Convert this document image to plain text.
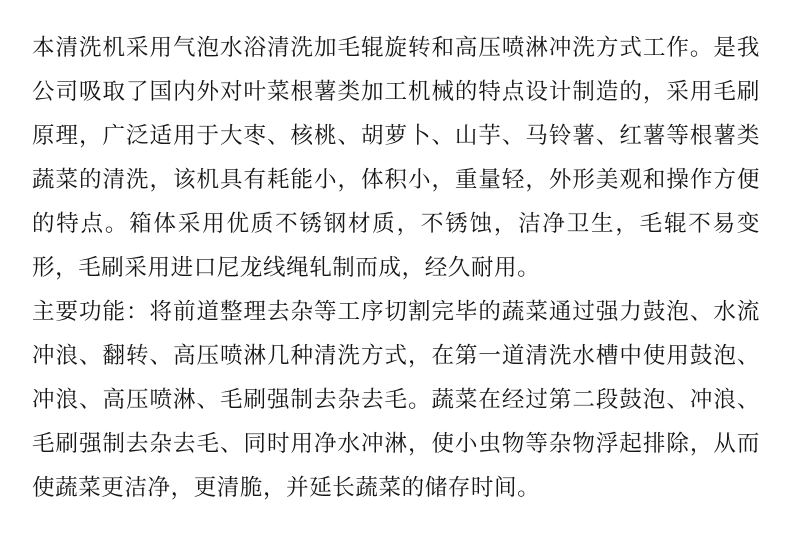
本清洗机采用气泡水浴清洗加毛辊旋转和高压喷淋冲洗方式工作。是我公司吸取了国内外对叶菜根薯类加工机械的特点设计制造的，采用毛刷原理，广泛适用于大枣、核桃、胡萝卜、山芋、马铃薯、红薯等根薯类蔬菜的清洗，该机具有耗能小，体积小，重量轻，外形美观和操作方便的特点。箱体采用优质不锈钢材质，不锈蚀，洁净卫生，毛辊不易变形，毛刷采用进口尼龙线绳轧制而成，经久耐用。

主要功能：将前道整理去杂等工序切割完毕的蔬菜通过强力鼓泡、水流冲浪、翻转、高压喷淋几种清洗方式，在第一道清洗水槽中使用鼓泡、冲浪、高压喷淋、毛刷强制去杂去毛。蔬菜在经过第二段鼓泡、冲浪、毛刷强制去杂去毛、同时用净水冲淋，使小虫物等杂物浮起排除，从而使蔬菜更洁净，更清脆，并延长蔬菜的储存时间。
